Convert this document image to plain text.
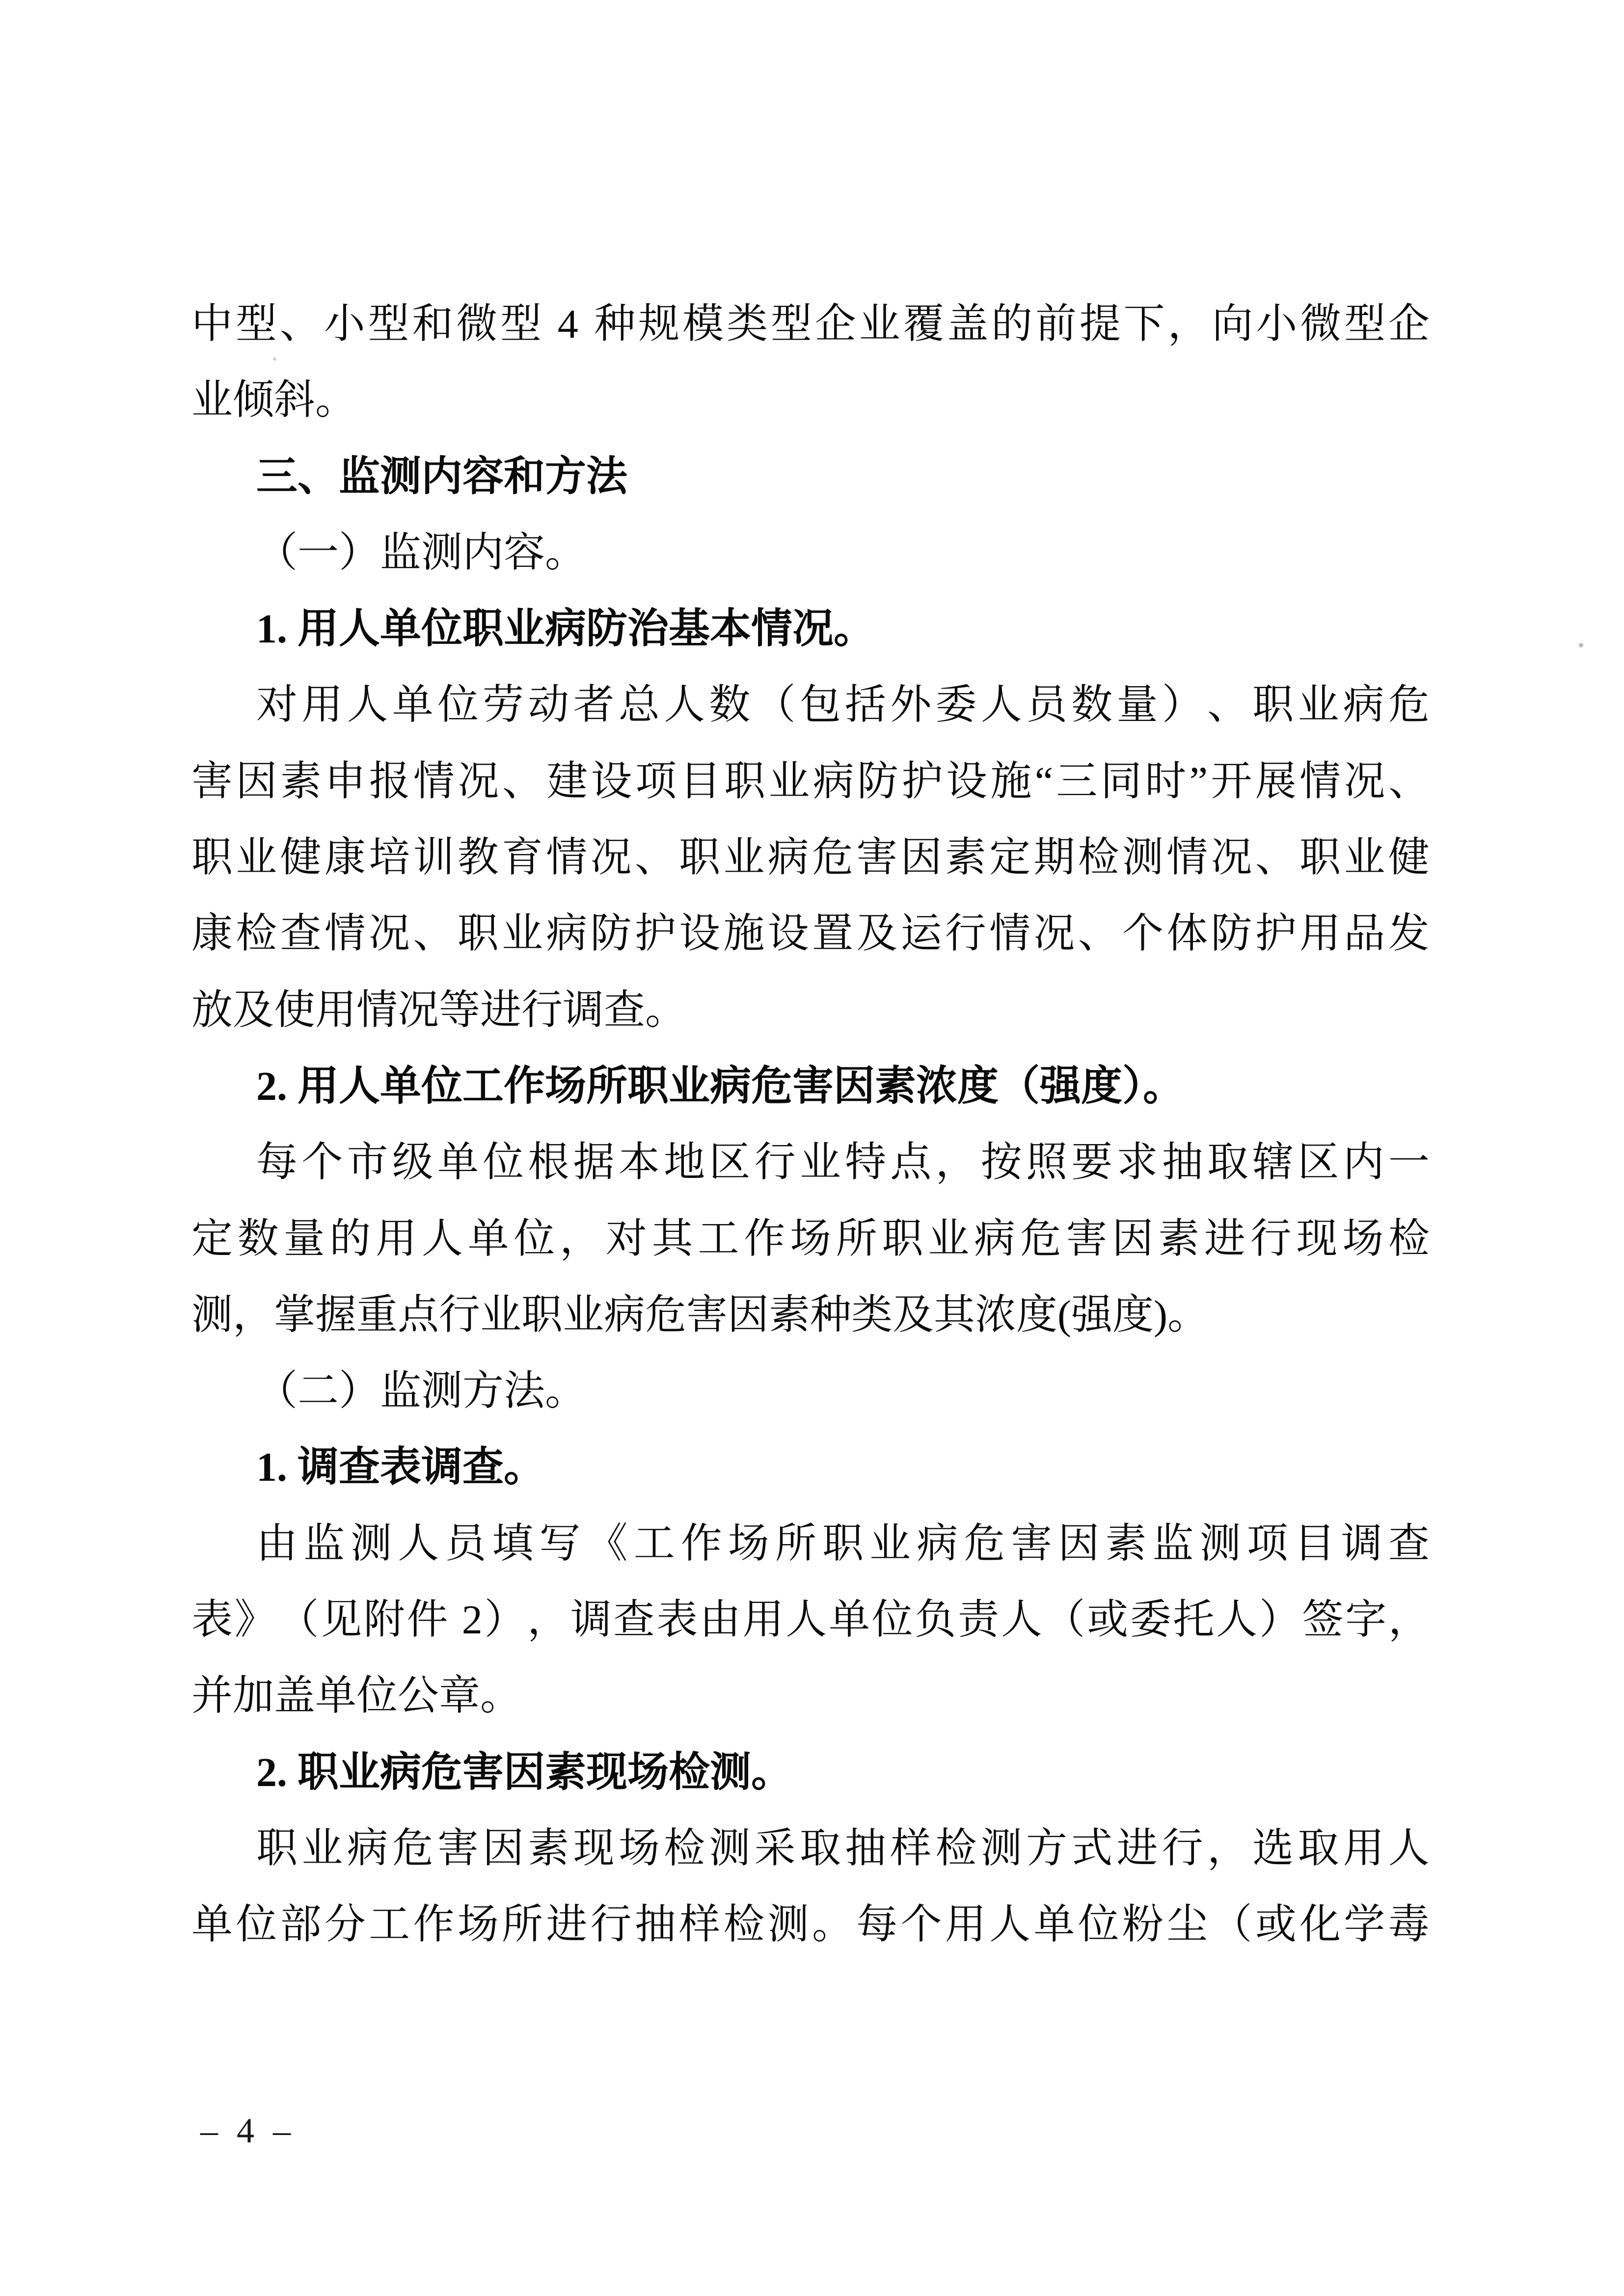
中 型 、 小 型 和 微 型
4
种 规 模 类 型 企 业 覆 盖 的 前 提 下 ， 向 小 微 型 企
业倾斜。
三、监测内容和方法
（一）监测内容。
1. 用人单位职业病防治基本情况。
对 用 人 单 位 劳 动 者 总 人 数 （ 包 括 外 委 人 员 数 量 ） 、 职 业 病 危
害 因 素 申 报 情 况 、 建 设 项 目 职 业 病 防 护 设 施 “ 三 同 时 ” 开 展 情 况 、
职 业 健 康 培 训 教 育 情 况 、 职 业 病 危 害 因 素 定 期 检 测 情 况 、 职 业 健
康 检 查 情 况 、 职 业 病 防 护 设 施 设 置 及 运 行 情 况 、 个 体 防 护 用 品 发
放及使用情况等进行调查。
2. 用人单位工作场所职业病危害因素浓度（强度）。
每 个 市 级 单 位 根 据 本 地 区 行 业 特 点 ， 按 照 要 求 抽 取 辖 区 内 一
定 数 量 的 用 人 单 位 ， 对 其 工 作 场 所 职 业 病 危 害 因 素 进 行 现 场 检
测，掌握重点行业职业病危害因素种类及其浓度(强度)。
（二）监测方法。
1. 调查表调查。
由 监 测 人 员 填 写 《 工 作 场 所 职 业 病 危 害 因 素 监 测 项 目 调 查
表 》 （ 见 附 件
2 ） ， 调 查 表 由 用 人 单 位 负 责 人 （ 或 委 托 人 ） 签 字 ，
并加盖单位公章。
2. 职业病危害因素现场检测。
职 业 病 危 害 因 素 现 场 检 测 采 取 抽 样 检 测 方 式 进 行 ， 选 取 用 人
单 位 部 分 工 作 场 所 进 行 抽 样 检 测 。 每 个 用 人 单 位 粉 尘 （ 或 化 学 毒
– 4 –
